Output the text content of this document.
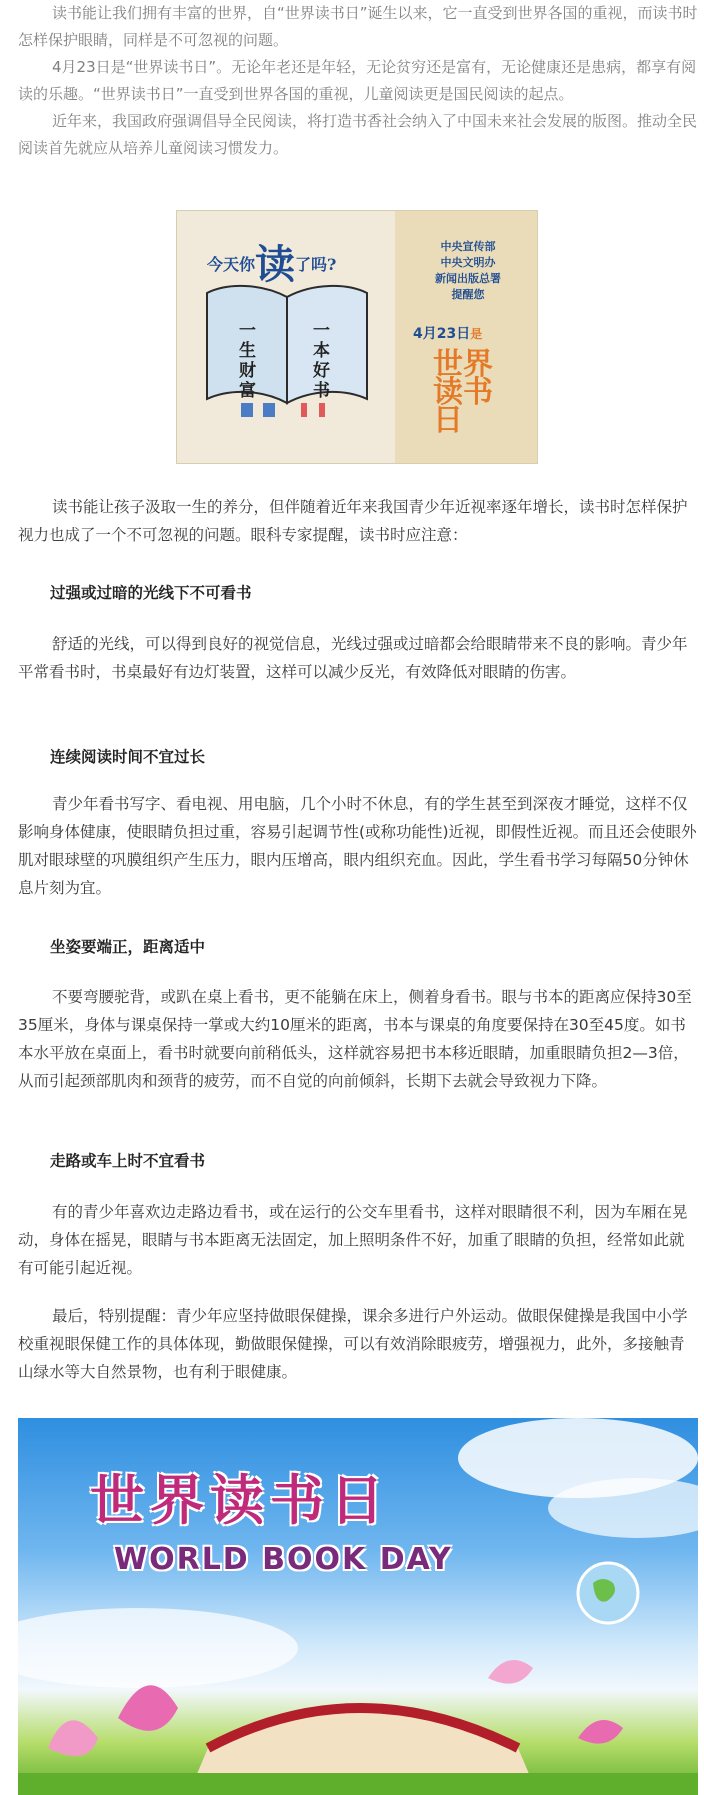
读书能让我们拥有丰富的世界，自“世界读书日”诞生以来，它一直受到世界各国的重视，而读书时怎样保护眼睛，同样是不可忽视的问题。

4月23日是“世界读书日”。无论年老还是年轻，无论贫穷还是富有，无论健康还是患病，都享有阅读的乐趣。“世界读书日”一直受到世界各国的重视，儿童阅读更是国民阅读的起点。

近年来，我国政府强调倡导全民阅读，将打造书香社会纳入了中国未来社会发展的版图。推动全民阅读首先就应从培养儿童阅读习惯发力。

今天你读了吗?
一生财富
一本好书
中央宣传部
中央文明办
新闻出版总署
提醒您
4月23日是
世界读书日

读书能让孩子汲取一生的养分，但伴随着近年来我国青少年近视率逐年增长，读书时怎样保护视力也成了一个不可忽视的问题。眼科专家提醒，读书时应注意：

过强或过暗的光线下不可看书

舒适的光线，可以得到良好的视觉信息，光线过强或过暗都会给眼睛带来不良的影响。青少年平常看书时，书桌最好有边灯装置，这样可以减少反光，有效降低对眼睛的伤害。

连续阅读时间不宜过长

青少年看书写字、看电视、用电脑，几个小时不休息，有的学生甚至到深夜才睡觉，这样不仅影响身体健康，使眼睛负担过重，容易引起调节性(或称功能性)近视，即假性近视。而且还会使眼外肌对眼球壁的巩膜组织产生压力，眼内压增高，眼内组织充血。因此，学生看书学习每隔50分钟休息片刻为宜。

坐姿要端正，距离适中

不要弯腰驼背，或趴在桌上看书，更不能躺在床上，侧着身看书。眼与书本的距离应保持30至35厘米，身体与课桌保持一掌或大约10厘米的距离，书本与课桌的角度要保持在30至45度。如书本水平放在桌面上，看书时就要向前稍低头，这样就容易把书本移近眼睛，加重眼睛负担2—3倍，从而引起颈部肌肉和颈背的疲劳，而不自觉的向前倾斜，长期下去就会导致视力下降。

走路或车上时不宜看书

有的青少年喜欢边走路边看书，或在运行的公交车里看书，这样对眼睛很不利，因为车厢在晃动，身体在摇晃，眼睛与书本距离无法固定，加上照明条件不好，加重了眼睛的负担，经常如此就有可能引起近视。

最后，特别提醒：青少年应坚持做眼保健操，课余多进行户外运动。做眼保健操是我国中小学校重视眼保健工作的具体体现，勤做眼保健操，可以有效消除眼疲劳，增强视力，此外，多接触青山绿水等大自然景物，也有利于眼健康。

世界读书日
WORLD BOOK DAY
